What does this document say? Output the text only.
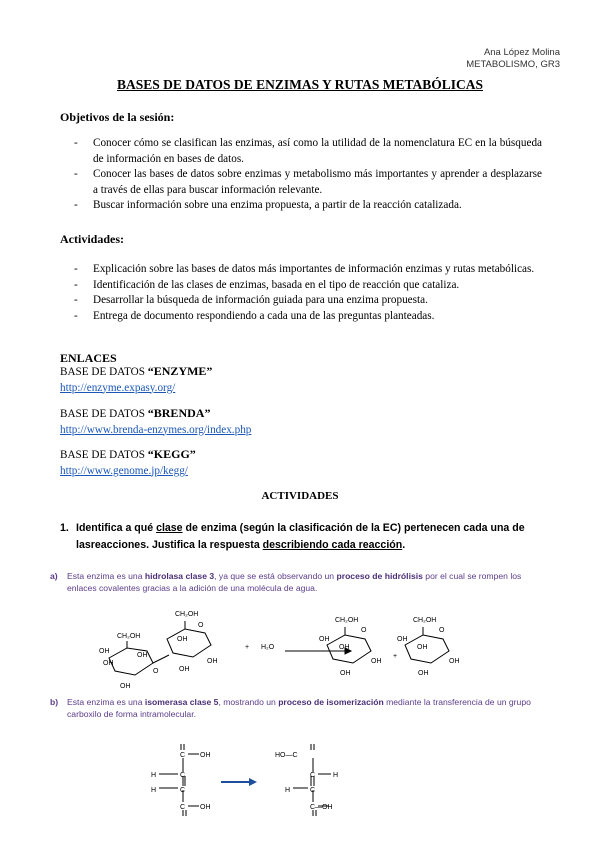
Ana López Molina
METABOLISMO, GR3
BASES DE DATOS DE ENZIMAS Y RUTAS METABÓLICAS
Objetivos de la sesión:
- Conocer cómo se clasifican las enzimas, así como la utilidad de la nomenclatura EC en la búsqueda de información en bases de datos.
- Conocer las bases de datos sobre enzimas y metabolismo más importantes y aprender a desplazarse a través de ellas para buscar información relevante.
- Buscar información sobre una enzima propuesta, a partir de la reacción catalizada.
Actividades:
- Explicación sobre las bases de datos más importantes de información enzimas y rutas metabólicas.
- Identificación de las clases de enzimas, basada en el tipo de reacción que cataliza.
- Desarrollar la búsqueda de información guiada para una enzima propuesta.
- Entrega de documento respondiendo a cada una de las preguntas planteadas.
ENLACES
BASE DE DATOS “ENZYME”
http://enzyme.expasy.org/
BASE DE DATOS “BRENDA”
http://www.brenda-enzymes.org/index.php
BASE DE DATOS “KEGG”
http://www.genome.jp/kegg/
ACTIVIDADES
1. Identifica a qué clase de enzima (según la clasificación de la EC) pertenecen cada una de lasreacciones. Justifica la respuesta describiendo cada reacción.
a)	Esta enzima es una hidrolasa clase 3, ya que se está observando un proceso de hidrólisis por el cual se rompen los enlaces covalentes gracias a la adición de una molécula de agua.
CH₂OH
CH₂OH
OH
OH
OH
OH
O
OH
O
OH
OH
+ H₂O
CH₂OH
OH
OH
O
OH
OH
+
CH₂OH
OH
OH
O
OH
OH
b)	Esta enzima es una isomerasa clase 5, mostrando un proceso de isomerización mediante la transferencia de un grupo carboxilo de forma intramolecular.
C OH
C
H
C
H
C OH
HO—C
C	H
C
H
C—OH
